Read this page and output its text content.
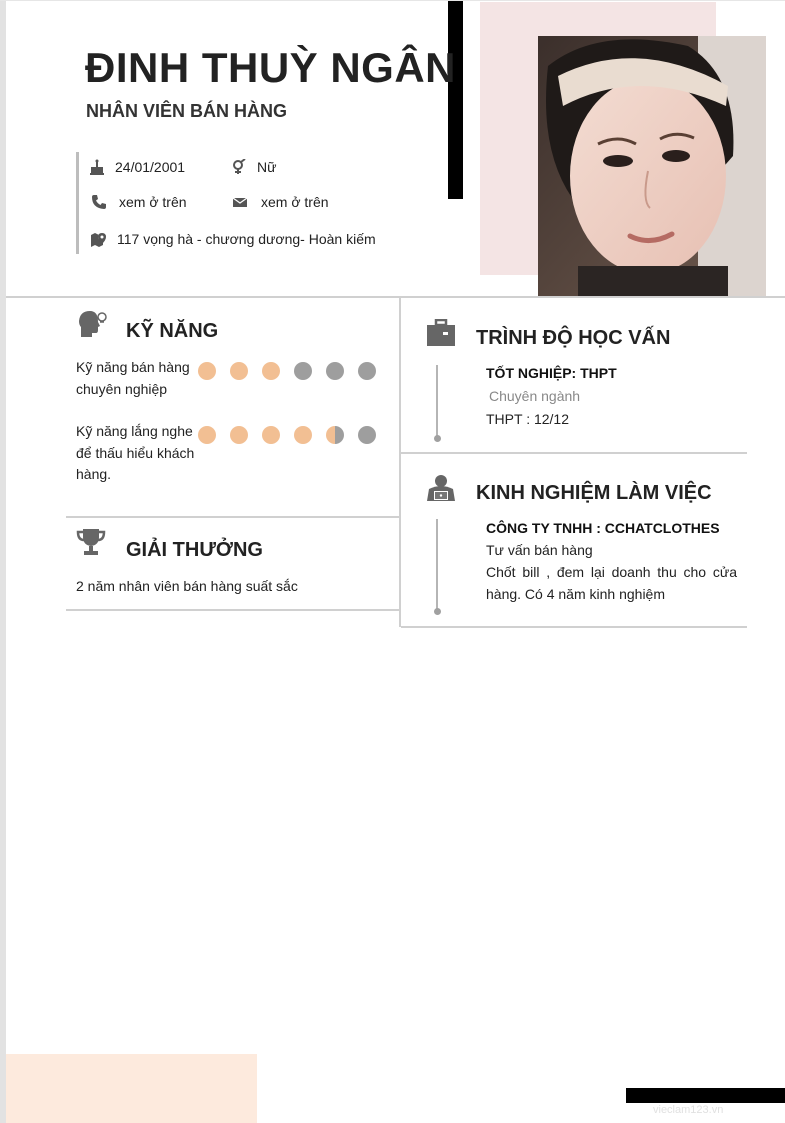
ĐINH THUỲ NGÂN
NHÂN VIÊN BÁN HÀNG
24/01/2001	Nữ
xem ở trên	xem ở trên
117 vọng hà - chương dương- Hoàn kiếm
KỸ NĂNG
Kỹ năng bán hàng chuyên nghiệp
Kỹ năng lắng nghe để thấu hiểu khách hàng.
GIẢI THƯỞNG
2 năm nhân viên bán hàng suất sắc
TRÌNH ĐỘ HỌC VẤN
TỐT NGHIỆP: THPT
Chuyên ngành
THPT : 12/12
KINH NGHIỆM LÀM VIỆC
CÔNG TY TNHH : CCHATCLOTHES
Tư vấn bán hàng
Chốt bill , đem lại doanh thu cho cửa hàng. Có 4 năm kinh nghiệm
vieclam123.vn
